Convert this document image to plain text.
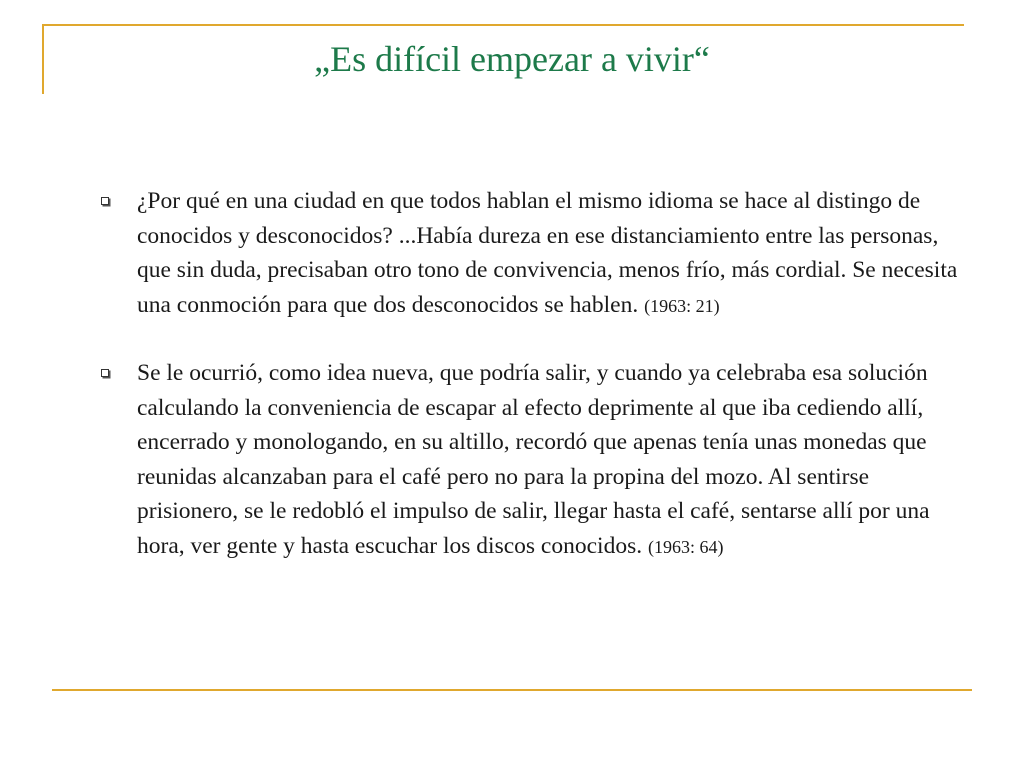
„Es difícil empezar a vivir“
¿Por qué en una ciudad en que todos hablan el mismo idioma se hace al distingo de conocidos y desconocidos? ...Había dureza en ese distanciamiento entre las personas, que sin duda, precisaban otro tono de convivencia, menos frío, más cordial. Se necesita una conmoción para que dos desconocidos se hablen. (1963: 21)
Se le ocurrió, como idea nueva, que podría salir, y cuando ya celebraba esa solución calculando la conveniencia de escapar al efecto deprimente al que iba cediendo allí, encerrado y monologando, en su altillo, recordó que apenas tenía unas monedas que reunidas alcanzaban para el café pero no para la propina del mozo. Al sentirse prisionero, se le redobló el impulso de salir, llegar hasta el café, sentarse allí por una hora, ver gente y hasta escuchar los discos conocidos. (1963: 64)
